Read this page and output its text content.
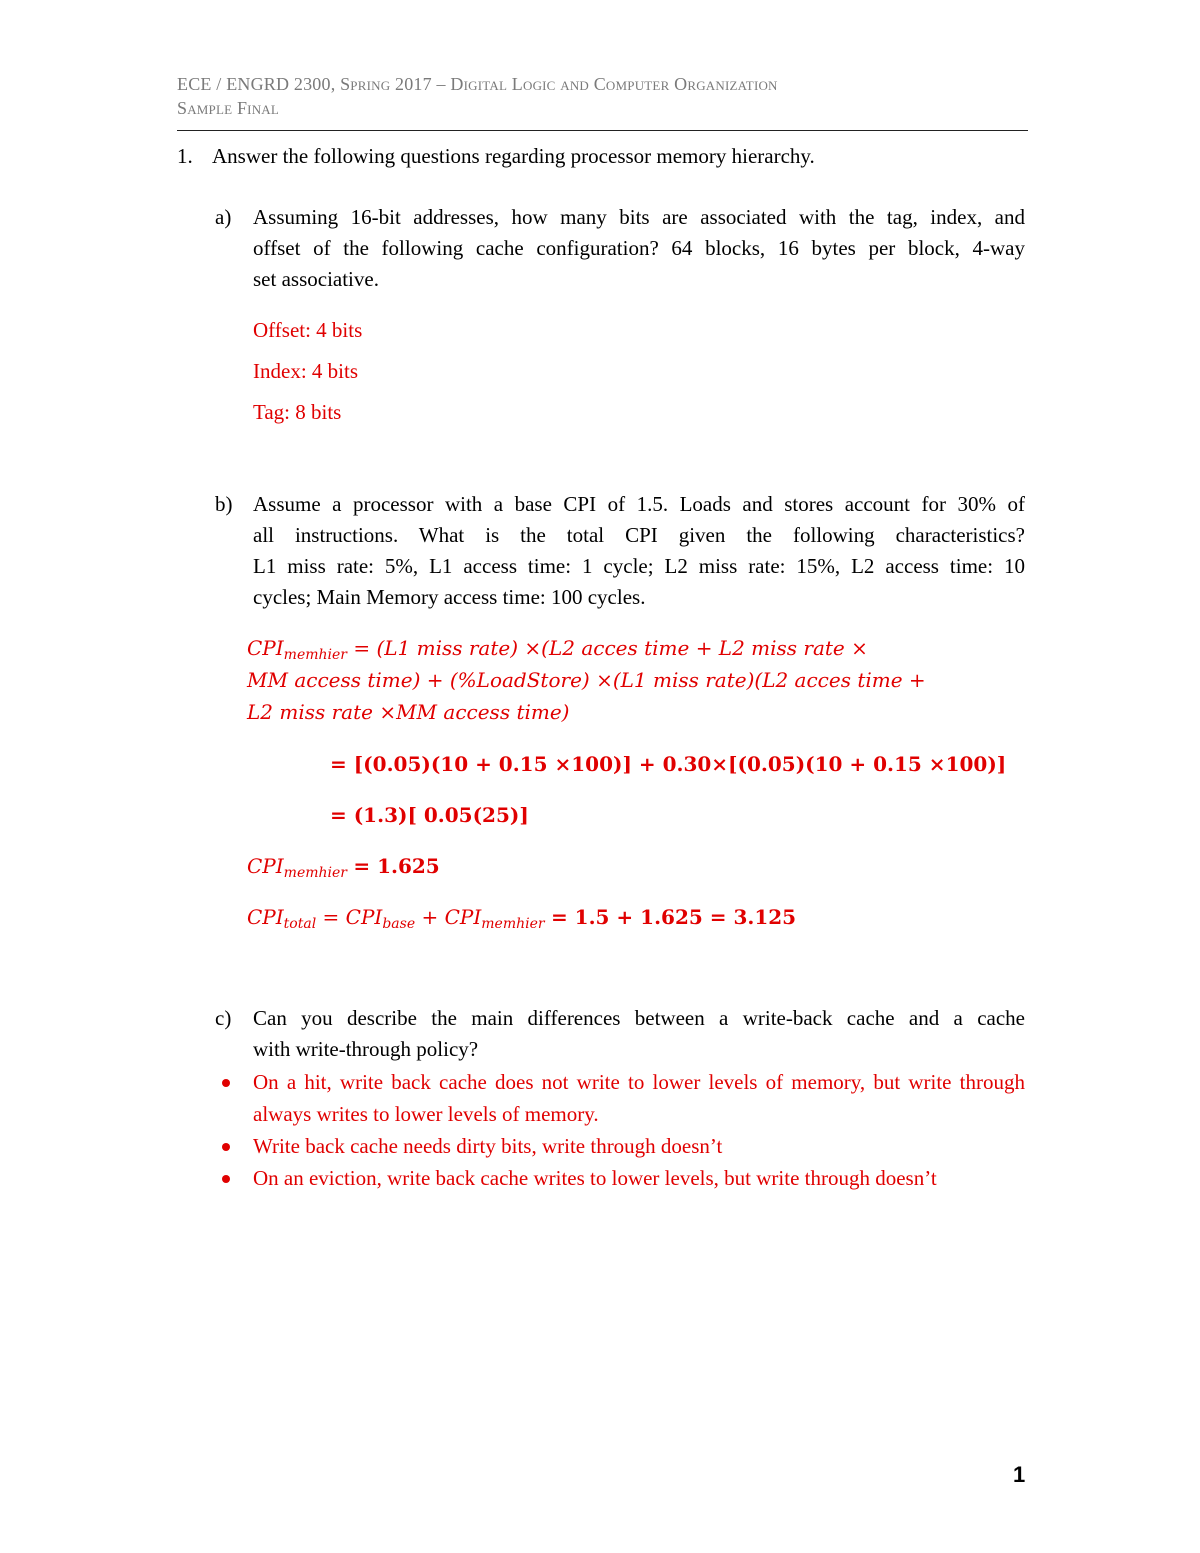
ECE / ENGRD 2300, Spring 2017 – Digital Logic and Computer Organization
Sample Final
1. Answer the following questions regarding processor memory hierarchy.
a) Assuming 16-bit addresses, how many bits are associated with the tag, index, and
offset of the following cache configuration? 64 blocks, 16 bytes per block, 4-way
set associative.
Offset: 4 bits
Index: 4 bits
Tag: 8 bits
b) Assume a processor with a base CPI of 1.5. Loads and stores account for 30% of
all instructions. What is the total CPI given the following characteristics?
L1 miss rate: 5%, L1 access time: 1 cycle; L2 miss rate: 15%, L2 access time: 10
cycles; Main Memory access time: 100 cycles.
$CPI_{memhier} = (L1$ miss rate) ×(L2 acces time + L2 miss rate ×
MM access time) + (%LoadStore) ×(L1 miss rate)(L2 acces time +
L2 miss rate ×MM access time)
= [(0.05)(10 + 0.15 ×100)] + 0.30×[(0.05)(10 + 0.15 ×100)]
= (1.3)[ 0.05(25)]
$CPI_{memhier} = 1.625$
$CPI_{total} = CPI_{base} + CPI_{memhier} = 1.5 + 1.625 = 3.125$
c) Can you describe the main differences between a write-back cache and a cache
with write-through policy?
On a hit, write back cache does not write to lower levels of memory, but write through always writes to lower levels of memory.
Write back cache needs dirty bits, write through doesn’t
On an eviction, write back cache writes to lower levels, but write through doesn’t
1
